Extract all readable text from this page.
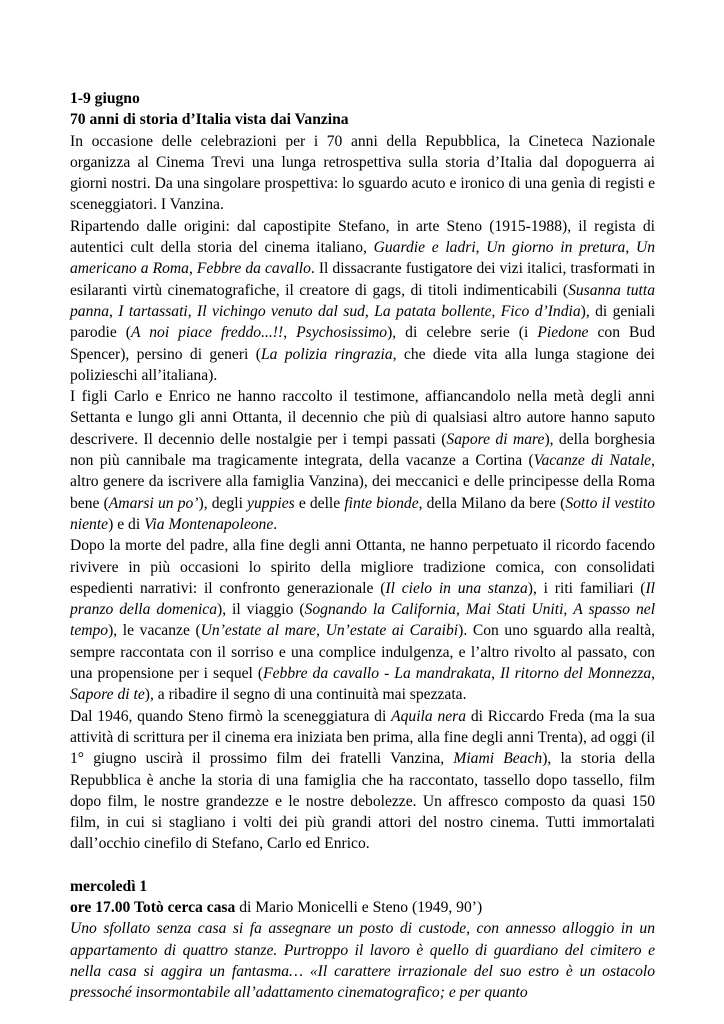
1-9 giugno

70 anni di storia d’Italia vista dai Vanzina

In occasione delle celebrazioni per i 70 anni della Repubblica, la Cineteca Nazionale organizza al Cinema Trevi una lunga retrospettiva sulla storia d’Italia dal dopoguerra ai giorni nostri. Da una singolare prospettiva: lo sguardo acuto e ironico di una genìa di registi e sceneggiatori. I Vanzina.

Ripartendo dalle origini: dal capostipite Stefano, in arte Steno (1915-1988), il regista di autentici cult della storia del cinema italiano, Guardie e ladri, Un giorno in pretura, Un americano a Roma, Febbre da cavallo. Il dissacrante fustigatore dei vizi italici, trasformati in esilaranti virtù cinematografiche, il creatore di gags, di titoli indimenticabili (Susanna tutta panna, I tartassati, Il vichingo venuto dal sud, La patata bollente, Fico d’India), di geniali parodie (A noi piace freddo...!!, Psychosissimo), di celebre serie (i Piedone con Bud Spencer), persino di generi (La polizia ringrazia, che diede vita alla lunga stagione dei polizieschi all’italiana).

I figli Carlo e Enrico ne hanno raccolto il testimone, affiancandolo nella metà degli anni Settanta e lungo gli anni Ottanta, il decennio che più di qualsiasi altro autore hanno saputo descrivere. Il decennio delle nostalgie per i tempi passati (Sapore di mare), della borghesia non più cannibale ma tragicamente integrata, della vacanze a Cortina (Vacanze di Natale, altro genere da iscrivere alla famiglia Vanzina), dei meccanici e delle principesse della Roma bene (Amarsi un po’), degli yuppies e delle finte bionde, della Milano da bere (Sotto il vestito niente) e di Via Montenapoleone.

Dopo la morte del padre, alla fine degli anni Ottanta, ne hanno perpetuato il ricordo facendo rivivere in più occasioni lo spirito della migliore tradizione comica, con consolidati espedienti narrativi: il confronto generazionale (Il cielo in una stanza), i riti familiari (Il pranzo della domenica), il viaggio (Sognando la California, Mai Stati Uniti, A spasso nel tempo), le vacanze (Un’estate al mare, Un’estate ai Caraibi). Con uno sguardo alla realtà, sempre raccontata con il sorriso e una complice indulgenza, e l’altro rivolto al passato, con una propensione per i sequel (Febbre da cavallo - La mandrakata, Il ritorno del Monnezza, Sapore di te), a ribadire il segno di una continuità mai spezzata.

Dal 1946, quando Steno firmò la sceneggiatura di Aquila nera di Riccardo Freda (ma la sua attività di scrittura per il cinema era iniziata ben prima, alla fine degli anni Trenta), ad oggi (il 1° giugno uscirà il prossimo film dei fratelli Vanzina, Miami Beach), la storia della Repubblica è anche la storia di una famiglia che ha raccontato, tassello dopo tassello, film dopo film, le nostre grandezze e le nostre debolezze. Un affresco composto da quasi 150 film, in cui si stagliano i volti dei più grandi attori del nostro cinema. Tutti immortalati dall’occhio cinefilo di Stefano, Carlo ed Enrico.

mercoledì 1

ore 17.00 Totò cerca casa di Mario Monicelli e Steno (1949, 90’)

Uno sfollato senza casa si fa assegnare un posto di custode, con annesso alloggio in un appartamento di quattro stanze. Purtroppo il lavoro è quello di guardiano del cimitero e nella casa si aggira un fantasma… «Il carattere irrazionale del suo estro è un ostacolo pressoché insormontabile all’adattamento cinematografico; e per quanto
